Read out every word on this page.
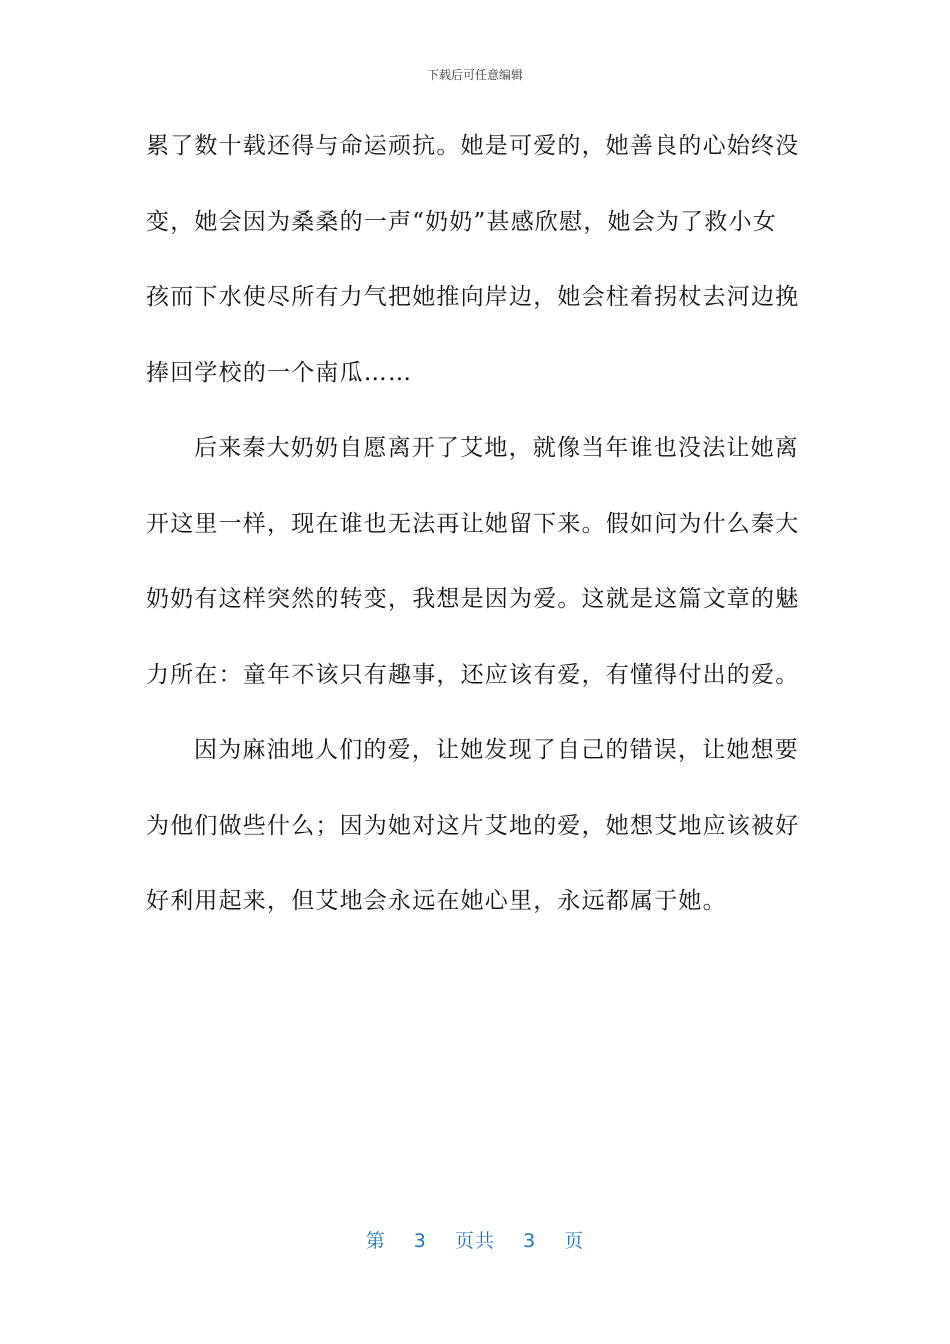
下载后可任意编辑
累了数十载还得与命运顽抗。她是可爱的，她善良的心始终没
变，她会因为桑桑的一声“奶奶”甚感欣慰，她会为了救小女
孩而下水使尽所有力气把她推向岸边，她会柱着拐杖去河边挽
捧回学校的一个南瓜……
后来秦大奶奶自愿离开了艾地，就像当年谁也没法让她离
开这里一样，现在谁也无法再让她留下来。假如问为什么秦大
奶奶有这样突然的转变，我想是因为爱。这就是这篇文章的魅
力所在：童年不该只有趣事，还应该有爱，有懂得付出的爱。
因为麻油地人们的爱，让她发现了自己的错误，让她想要
为他们做些什么；因为她对这片艾地的爱，她想艾地应该被好
好利用起来，但艾地会永远在她心里，永远都属于她。
第 3 页共 3 页
